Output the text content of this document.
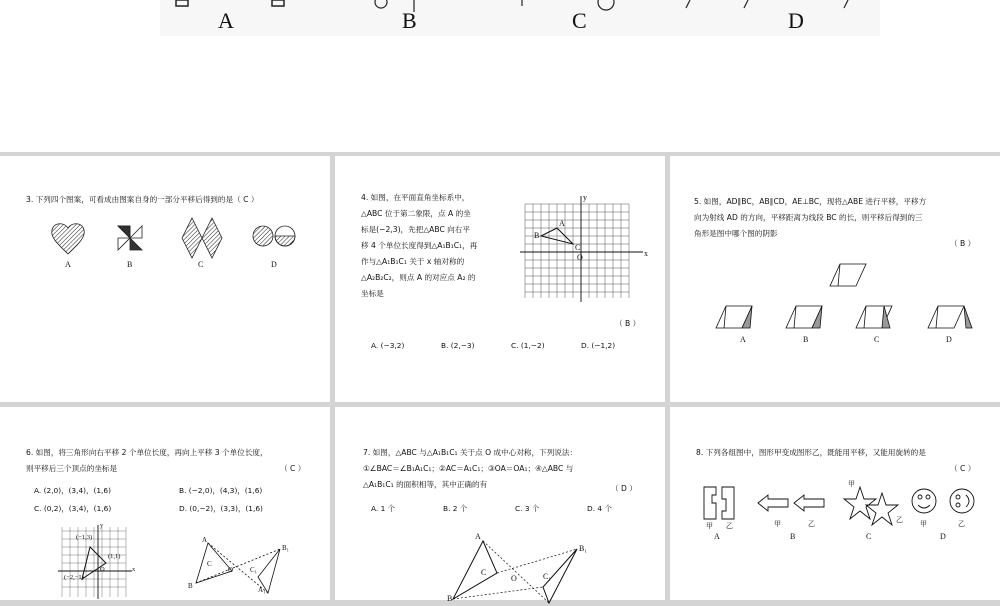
A	B	C	D
3. 下列四个图案，可看成由图案自身的一部分平移后得到的是（ C ）
A	B	C	D
4. 如图，在平面直角坐标系中，
△ABC 位于第二象限，点 A 的坐
标是(−2,3)，先把△ABC 向右平
移 4 个单位长度得到△A₁B₁C₁，再
作与△A₁B₁C₁ 关于 x 轴对称的
△A₂B₂C₂，则点 A 的对应点 A₂ 的
坐标是
（ B ）
A. (−3,2)	B. (2,−3)	C. (1,−2)	D. (−1,2)
y
x
O
A
B
C
5. 如图，AD∥BC，AB∥CD，AE⊥BC，现将△ABE 进行平移，平移方
向为射线 AD 的方向，平移距离为线段 BC 的长，则平移后得到的三
角形是图中哪个图的阴影
（ B ）
A	B	C	D
6. 如图，将三角形向右平移 2 个单位长度，再向上平移 3 个单位长度，
则平移后三个顶点的坐标是	（ C ）
A. (2,0)，(3,4)，(1,6)	B. (−2,0)，(4,3)，(1,6)
C. (0,2)，(3,4)，(1,6)	D. (0,−2)，(3,3)，(1,6)
(−1,3)
(1,1)
(−2,−1)
O
y
x
A
B₁
B
C
O C₁
A₁
7. 如图，△ABC 与△A₁B₁C₁ 关于点 O 成中心对称，下列说法：
①∠BAC＝∠B₁A₁C₁；②AC＝A₁C₁；③OA＝OA₁；④△ABC 与
△A₁B₁C₁ 的面积相等，其中正确的有	（ D ）
A. 1 个	B. 2 个	C. 3 个	D. 4 个
A
C
O
B₁
C₁
B
8. 下列各组图中，图形甲变成图形乙，既能用平移，又能用旋转的是
（ C ）
甲 乙
A
甲	乙
B
甲
乙
C
甲	乙
D
